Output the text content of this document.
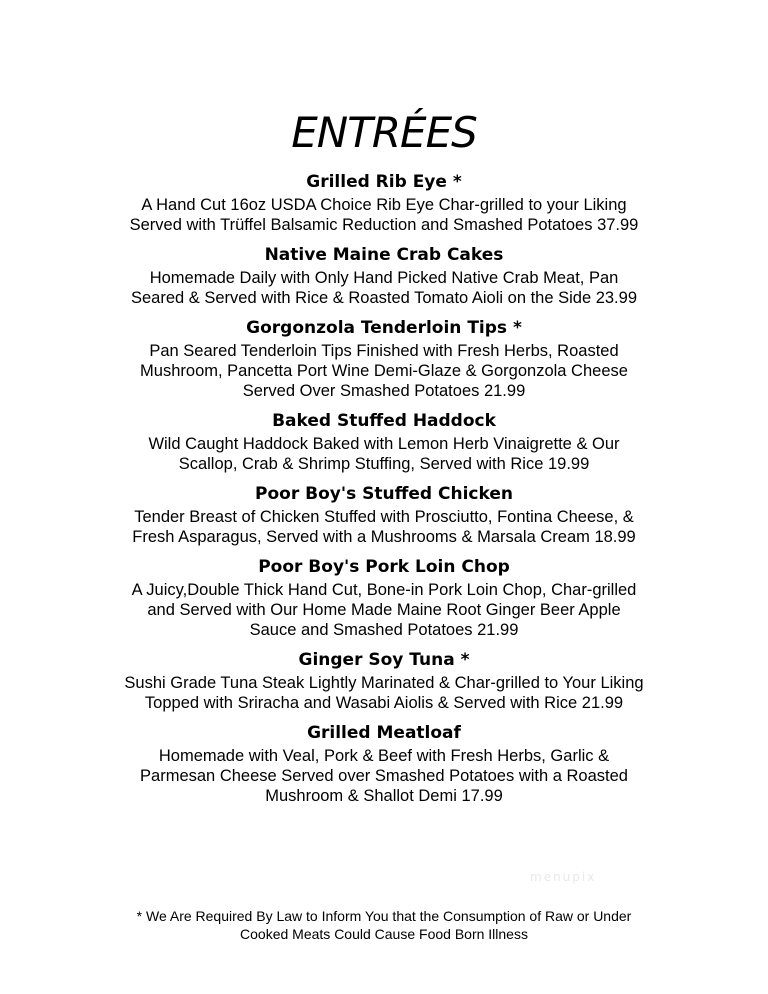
ENTRÉES
Grilled Rib Eye *
A Hand Cut 16oz USDA Choice Rib Eye Char-grilled to your Liking
Served with Trüffel Balsamic Reduction and Smashed Potatoes 37.99
Native Maine Crab Cakes
Homemade Daily with Only Hand Picked Native Crab Meat, Pan
Seared & Served with Rice & Roasted Tomato Aioli on the Side 23.99
Gorgonzola Tenderloin Tips *
Pan Seared Tenderloin Tips Finished with Fresh Herbs, Roasted
Mushroom, Pancetta Port Wine Demi-Glaze & Gorgonzola Cheese
Served Over Smashed Potatoes 21.99
Baked Stuffed Haddock
Wild Caught Haddock Baked with Lemon Herb Vinaigrette & Our
Scallop, Crab & Shrimp Stuffing, Served with Rice 19.99
Poor Boy's Stuffed Chicken
Tender Breast of Chicken Stuffed with Prosciutto, Fontina Cheese, &
Fresh Asparagus, Served with a Mushrooms & Marsala Cream 18.99
Poor Boy's Pork Loin Chop
A Juicy,Double Thick Hand Cut, Bone-in Pork Loin Chop, Char-grilled
and Served with Our Home Made Maine Root Ginger Beer Apple
Sauce and Smashed Potatoes 21.99
Ginger Soy Tuna *
Sushi Grade Tuna Steak Lightly Marinated & Char-grilled to Your Liking
Topped with Sriracha and Wasabi Aiolis & Served with Rice 21.99
Grilled Meatloaf
Homemade with Veal, Pork & Beef with Fresh Herbs, Garlic &
Parmesan Cheese Served over Smashed Potatoes with a Roasted
Mushroom & Shallot Demi 17.99
menupix
* We Are Required By Law to Inform You that the Consumption of Raw or Under
Cooked Meats Could Cause Food Born Illness
